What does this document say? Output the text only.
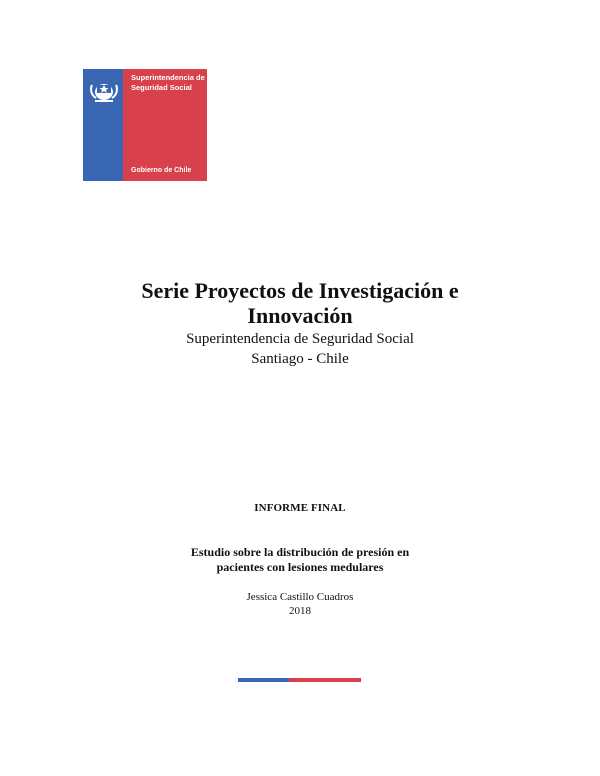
Superintendencia de Seguridad Social
Gobierno de Chile
Serie Proyectos de Investigación e Innovación
Superintendencia de Seguridad Social
Santiago - Chile
INFORME FINAL
Estudio sobre la distribución de presión en pacientes con lesiones medulares
Jessica Castillo Cuadros
2018
